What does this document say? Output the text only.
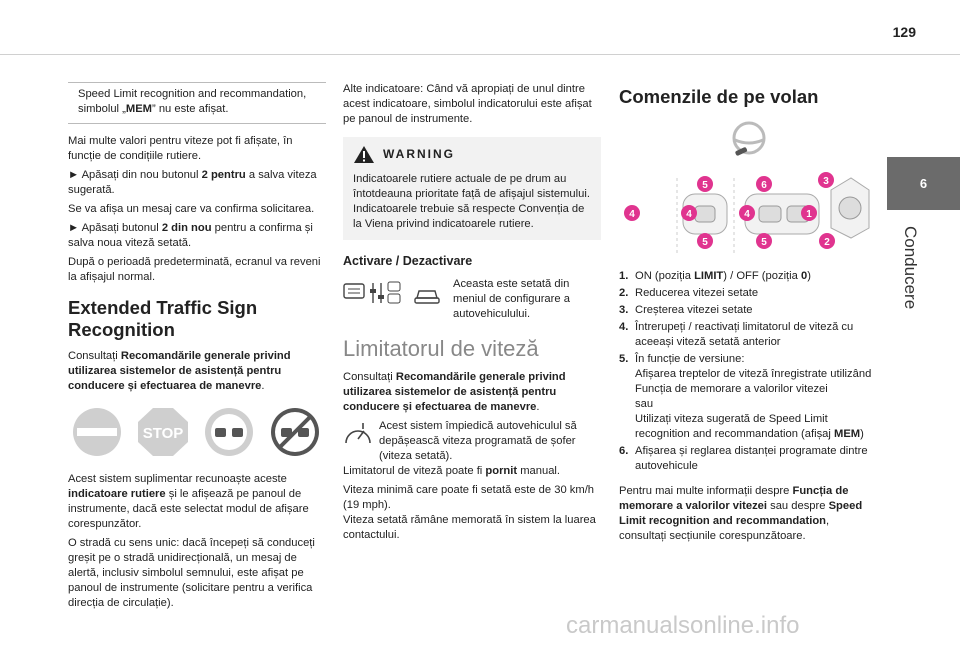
129
6
Conducere
Speed Limit recognition and recommandation, simbolul „MEM” nu este afișat.

Mai multe valori pentru viteze pot fi afișate, în funcție de condițiile rutiere.

► Apăsați din nou butonul 2 pentru a salva viteza sugerată.

Se va afișa un mesaj care va confirma solicitarea.

► Apăsați butonul 2 din nou pentru a confirma și salva noua viteză setată.

După o perioadă predeterminată, ecranul va reveni la afișajul normal.

Extended Traffic Sign Recognition

Consultați Recomandările generale privind utilizarea sistemelor de asistență pentru conducere și efectuarea de manevre.

STOP

Acest sistem suplimentar recunoaște aceste indicatoare rutiere și le afișează pe panoul de instrumente, dacă este selectat modul de afișare corespunzător.

O stradă cu sens unic: dacă începeți să conduceți greșit pe o stradă unidirecțională, un mesaj de alertă, inclusiv simbolul semnului, este afișat pe panoul de instrumente (solicitare pentru a verifica direcția de circulație).

Alte indicatoare: Când vă apropiați de unul dintre acest indicatoare, simbolul indicatorului este afișat pe panoul de instrumente.

WARNING
Indicatoarele rutiere actuale de pe drum au întotdeauna prioritate față de afișajul sistemului.
Indicatoarele trebuie să respecte Convenția de la Viena privind indicatoarele rutiere.
Activare / Dezactivare
Aceasta este setată din meniul de configurare a autovehiculului.
Limitatorul de viteză

Consultați Recomandările generale privind utilizarea sistemelor de asistență pentru conducere și efectuarea de manevre.

Acest sistem împiedică autovehiculul să depășească viteza programată de șofer (viteza setată).

Limitatorul de viteză poate fi pornit manual.

Viteza minimă care poate fi setată este de 30 km/h (19 mph).

Viteza setată rămâne memorată în sistem la luarea contactului.

Comenzile de pe volan
4	4	4
5
5	5
6	3
1
2
1. ON (poziția LIMIT) / OFF (poziția 0)
2. Reducerea vitezei setate
3. Creșterea vitezei setate
4. Întrerupeți / reactivați limitatorul de viteză cu aceeași viteză setată anterior
5. În funcție de versiune:
Afișarea treptelor de viteză înregistrate utilizând Funcția de memorare a valorilor vitezei
sau
Utilizați viteza sugerată de Speed Limit recognition and recommandation (afișaj MEM)
6. Afișarea și reglarea distanței programate dintre autovehicule

Pentru mai multe informații despre Funcția de memorare a valorilor vitezei sau despre Speed Limit recognition and recommandation, consultați secțiunile corespunzătoare.

carmanualsonline.info
